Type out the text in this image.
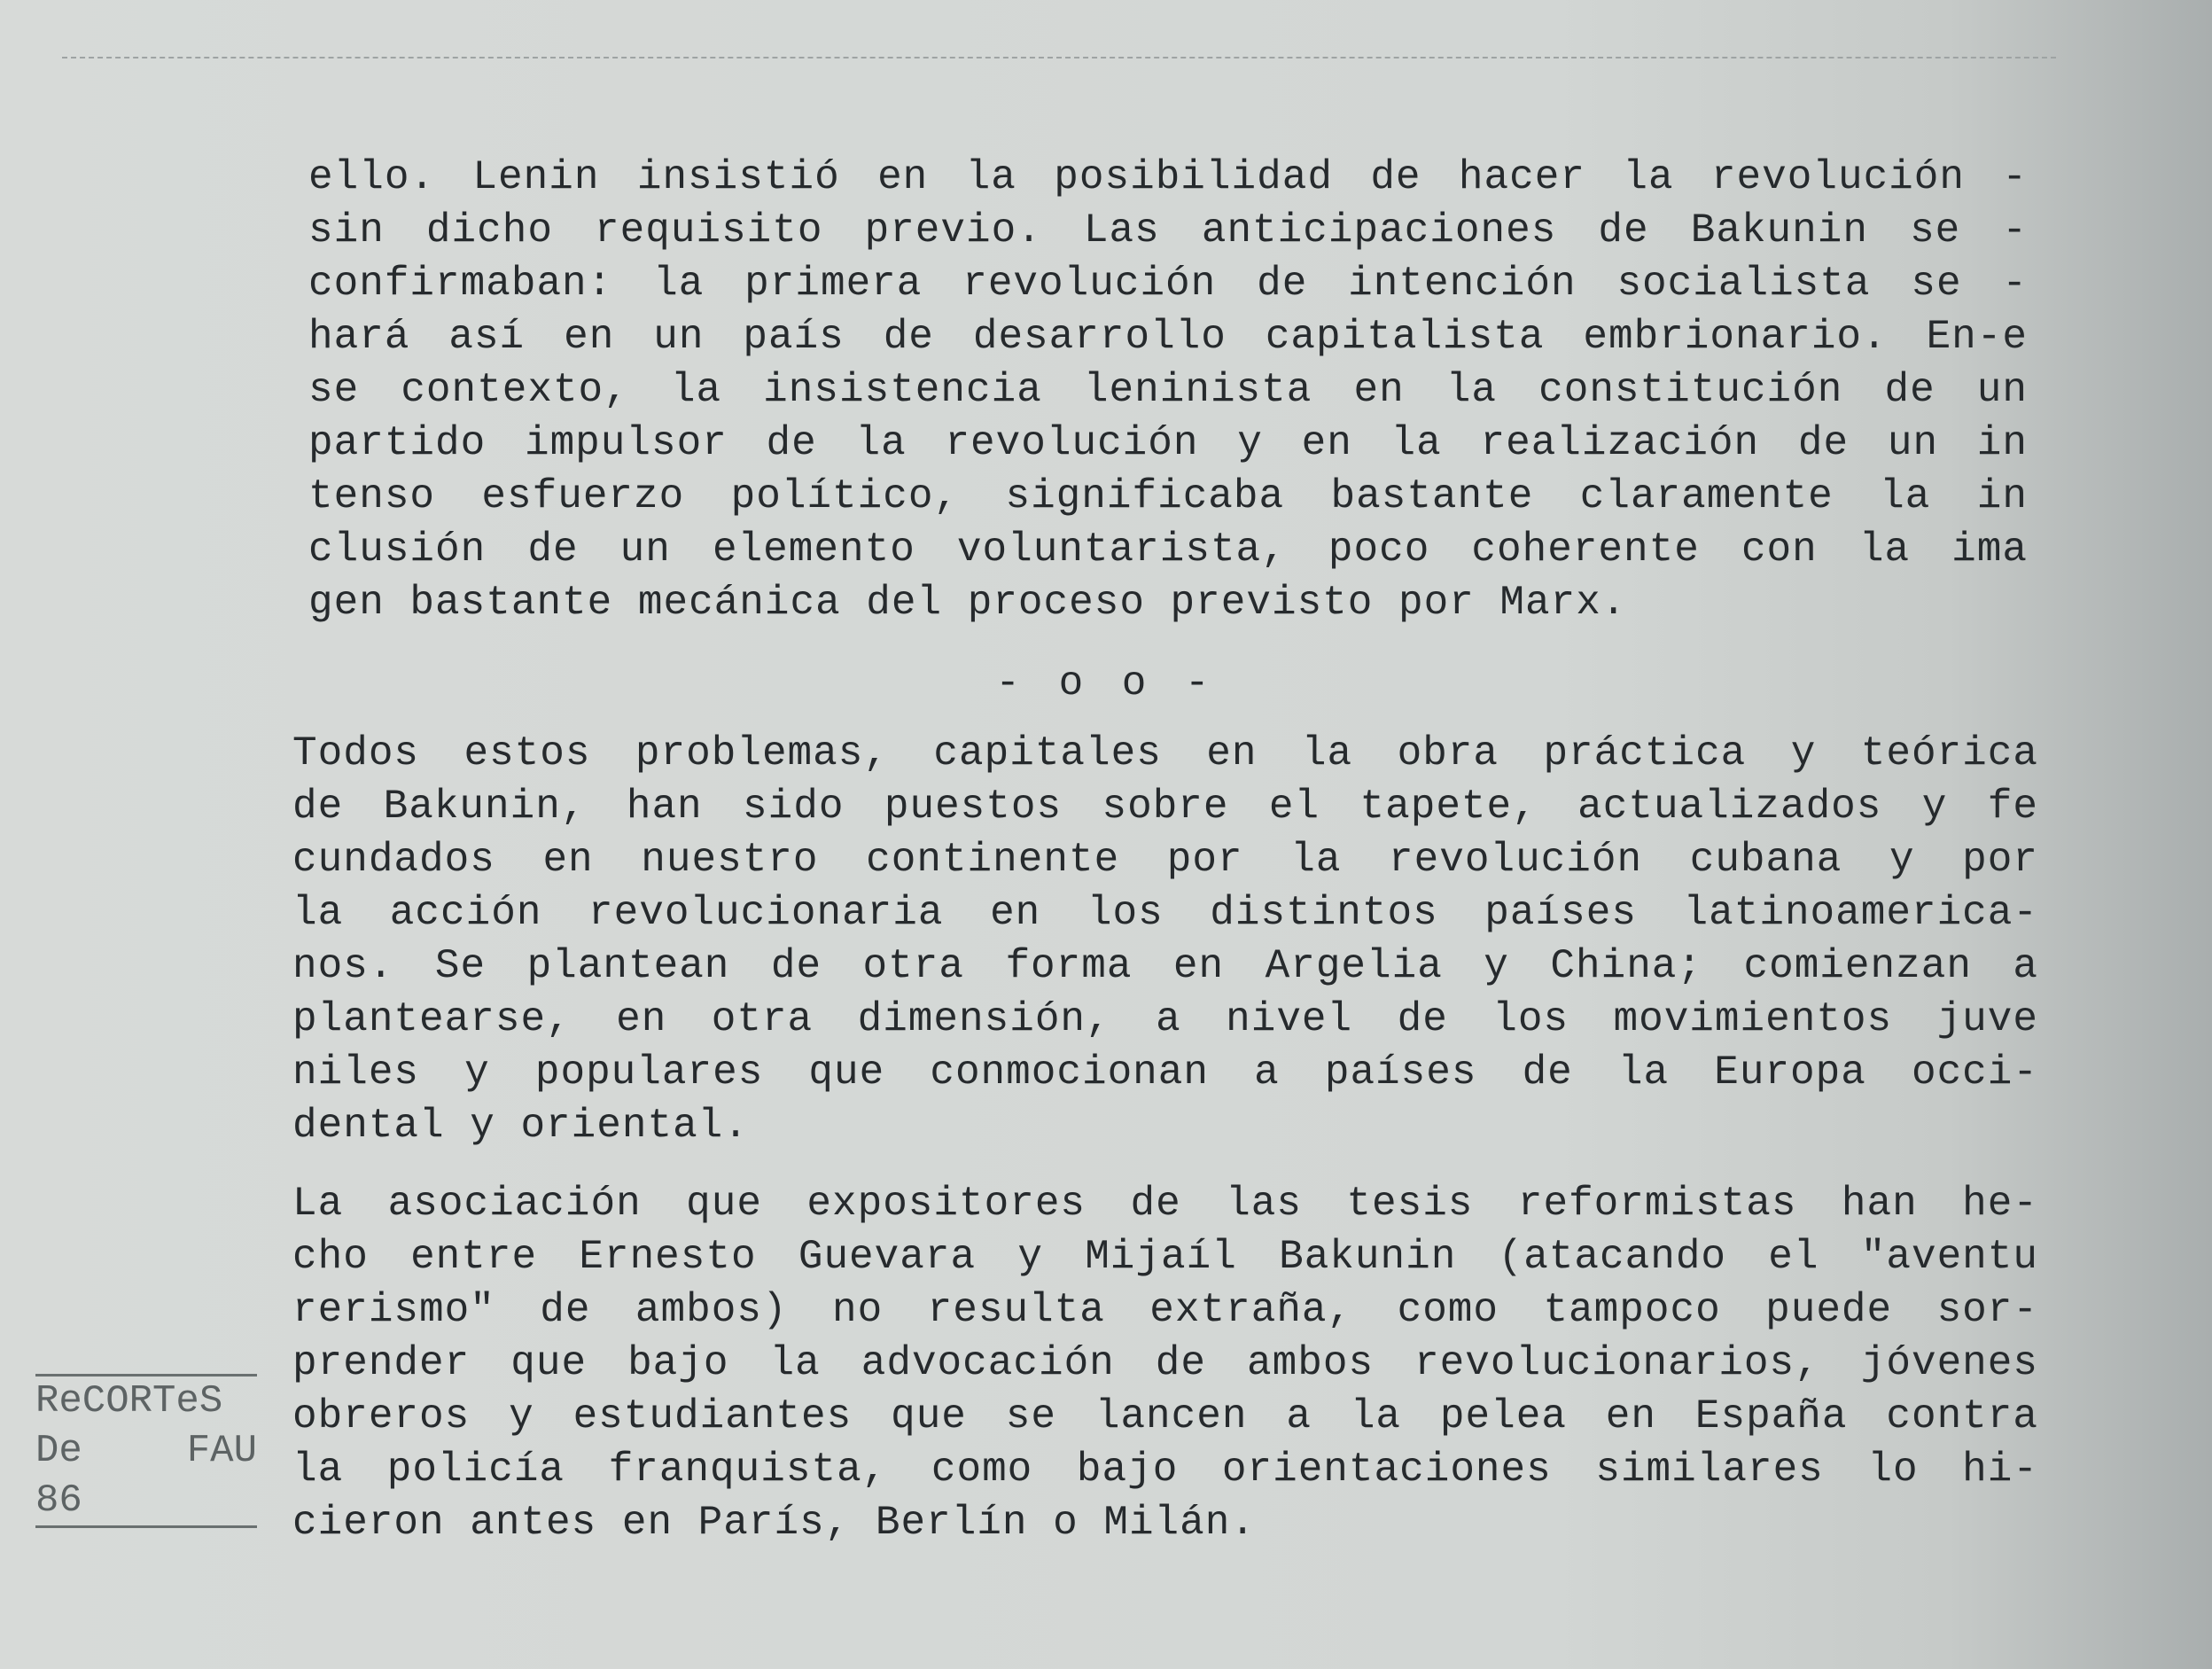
ello. Lenin insistió en la posibilidad de hacer la revolución -
sin dicho requisito previo. Las anticipaciones de Bakunin se -
confirmaban: la primera revolución de intención socialista se -
hará así en un país de desarrollo capitalista embrionario. En-e
se contexto, la insistencia leninista en la constitución de un
partido impulsor de la revolución y en la realización de un in
tenso esfuerzo político, significaba bastante claramente la in
clusión de un elemento voluntarista, poco coherente con la ima
gen bastante mecánica del proceso previsto por Marx.
- o o -
Todos estos problemas, capitales en la obra práctica y teórica
de Bakunin, han sido puestos sobre el tapete, actualizados y fe
cundados en nuestro continente por la revolución cubana y por
la acción revolucionaria en los distintos países latinoamerica-
nos. Se plantean de otra forma en Argelia y China; comienzan a
plantearse, en otra dimensión, a nivel de los movimientos juve
niles y populares que conmocionan a países de la Europa occi-
dental y oriental.
La asociación que expositores de las tesis reformistas han he-
cho entre Ernesto Guevara y Mijaíl Bakunin (atacando el "aventu
rerismo" de ambos) no resulta extraña, como tampoco puede sor-
prender que bajo la advocación de ambos revolucionarios, jóvenes
obreros y estudiantes que se lancen a la pelea en España contra
la policía franquista, como bajo orientaciones similares lo hi-
cieron antes en París, Berlín o Milán.
ReCORTeS
De	FAU
86
